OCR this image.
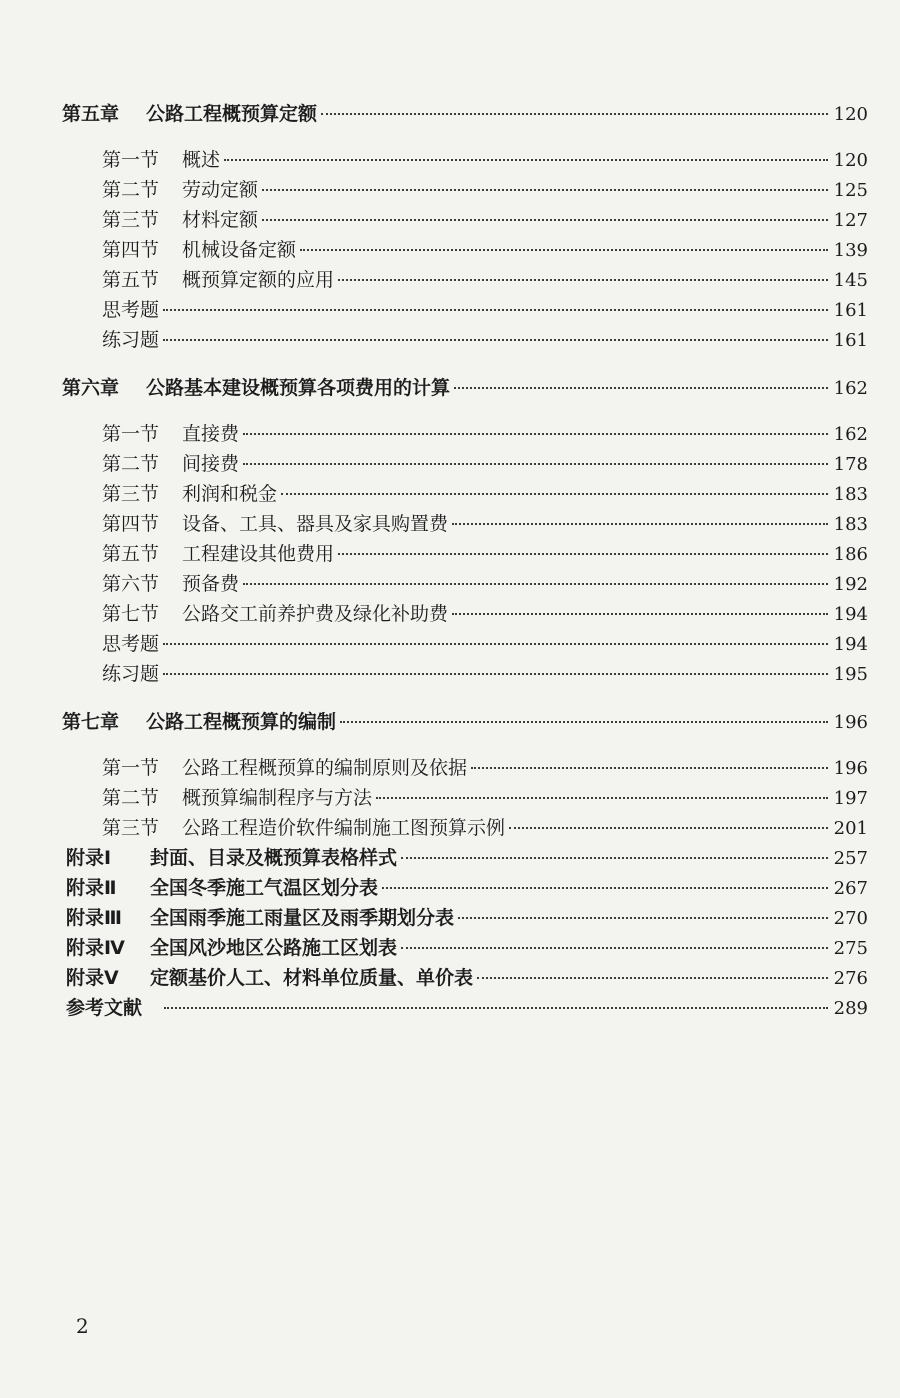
第五章	公路工程概预算定额	120
第一节	概述	120
第二节	劳动定额	125
第三节	材料定额	127
第四节	机械设备定额	139
第五节	概预算定额的应用	145
思考题	161
练习题	161
第六章	公路基本建设概预算各项费用的计算	162
第一节	直接费	162
第二节	间接费	178
第三节	利润和税金	183
第四节	设备、工具、器具及家具购置费	183
第五节	工程建设其他费用	186
第六节	预备费	192
第七节	公路交工前养护费及绿化补助费	194
思考题	194
练习题	195
第七章	公路工程概预算的编制	196
第一节	公路工程概预算的编制原则及依据	196
第二节	概预算编制程序与方法	197
第三节	公路工程造价软件编制施工图预算示例	201
附录Ⅰ	封面、目录及概预算表格样式	257
附录Ⅱ	全国冬季施工气温区划分表	267
附录Ⅲ	全国雨季施工雨量区及雨季期划分表	270
附录Ⅳ	全国风沙地区公路施工区划表	275
附录Ⅴ	定额基价人工、材料单位质量、单价表	276
参考文献	289
2
